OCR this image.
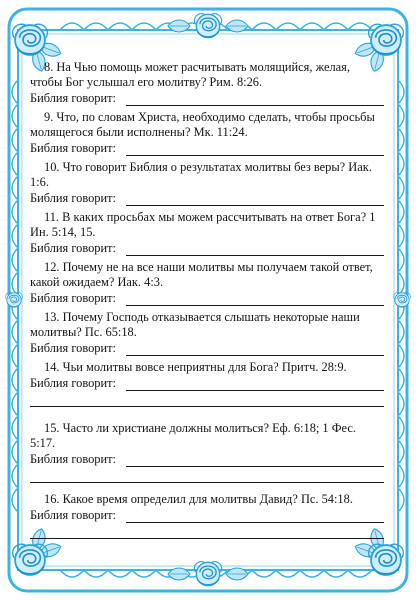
8. На Чью помощь может расчитывать молящийся, желая, чтобы Бог услышал его молитву? Рим. 8:26.

Библия говорит:

9. Что, по словам Христа, необходимо сделать, чтобы просьбы молящегося были исполнены? Мк. 11:24.

Библия говорит:

10. Что говорит Библия о результатах молитвы без веры? Иак. 1:6.

Библия говорит:

11. В каких просьбах мы можем рассчитывать на ответ Бога? 1 Ин. 5:14, 15.

Библия говорит:

12. Почему не на все наши молитвы мы получаем такой ответ, какой ожидаем? Иак. 4:3.

Библия говорит:

13. Почему Господь отказывается слышать некоторые наши молитвы? Пс. 65:18.

Библия говорит:

14. Чьи молитвы вовсе неприятны для Бога? Притч. 28:9.

Библия говорит:

15. Часто ли христиане должны молиться? Еф. 6:18; 1 Фес. 5:17.

Библия говорит:

16. Какое время определил для молитвы Давид? Пс. 54:18.

Библия говорит:
